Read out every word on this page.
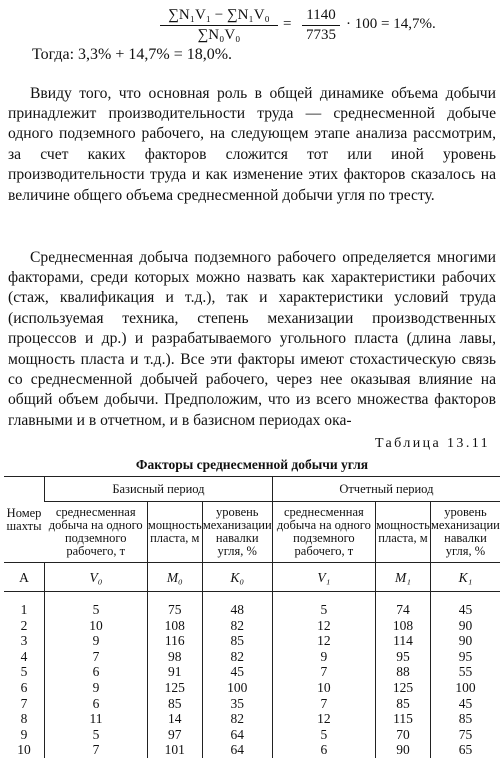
$\frac{\text{∑N₁V₁ − ∑N₁V₀}}{\text{∑N₀V₀}} = \frac{1140}{7735} \cdot 100 = 14,7\%$.
Тогда: 3,3% + 14,7% = 18,0%.

Ввиду того, что основная роль в общей динамике объема добычи принадлежит производительности труда — среднесменной добыче одного подземного рабочего, на следующем этапе анализа рассмотрим, за счет каких факторов сложится тот или иной уровень производительности труда и как изменение этих факторов сказалось на величине общего объема среднесменной добычи угля по тресту.

Среднесменная добыча подземного рабочего определяется многими факторами, среди которых можно назвать как характеристики рабочих (стаж, квалификация и т.д.), так и характеристики условий труда (используемая техника, степень механизации производственных процессов и др.) и разрабатываемого угольного пласта (длина лавы, мощность пласта и т.д.). Все эти факторы имеют стохастическую связь со среднесменной добычей рабочего, через нее оказывая влияние на общий объем добычи. Предположим, что из всего множества факторов главными и в отчетном, и в базисном периодах ока-

Таблица 13.11
Факторы среднесменной добычи угля
Номер шахты	Базисный период			Отчетный период		
	среднесменная добыча на одного подземного рабочего, т	мощность пласта, м	уровень механизации навалки угля, %	среднесменная добыча на одного подземного рабочего, т	мощность пласта, м	уровень механизации навалки угля, %
А	V₀	M₀	K₀	V₁	M₁	K₁
1	5	75	48	5	74	45
2	10	108	82	12	108	90
3	9	116	85	12	114	90
4	7	98	82	9	95	95
5	6	91	45	7	88	55
6	9	125	100	10	125	100
7	6	85	35	7	85	45
8	11	14	82	12	115	85
9	5	97	64	5	70	75
10	7	101	64	6	90	65
